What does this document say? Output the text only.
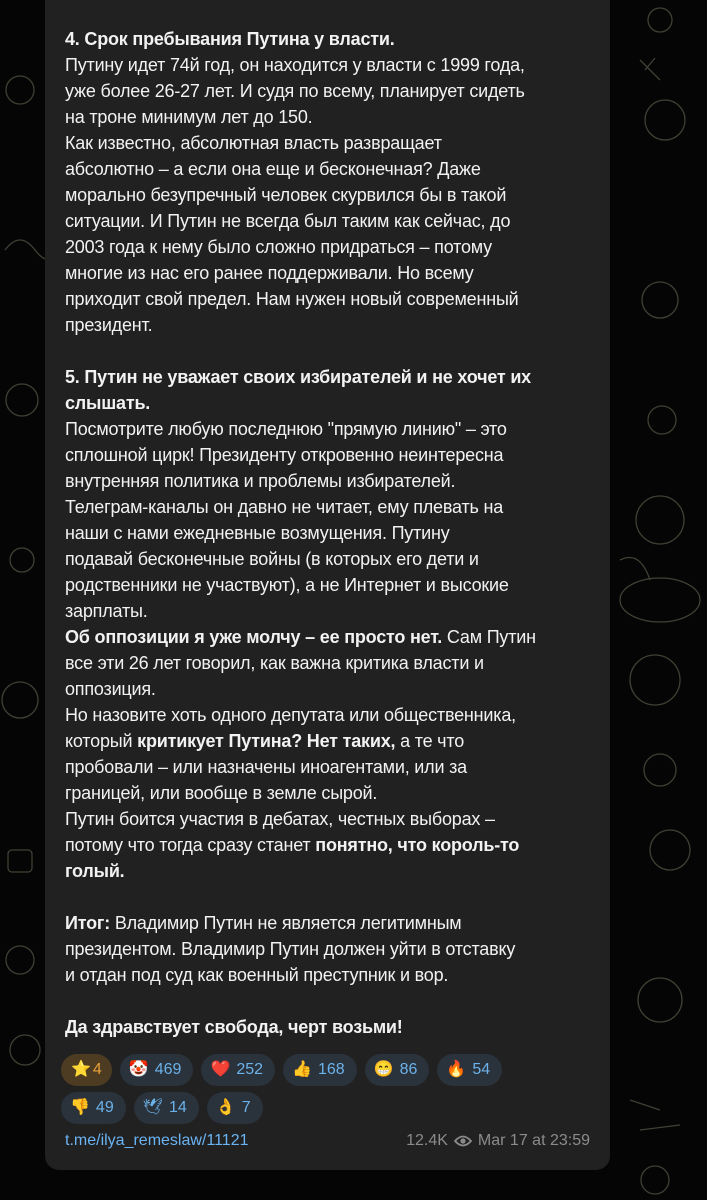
4. Срок пребывания Путина у власти.
Путину идет 74й год, он находится у власти с 1999 года,
уже более 26-27 лет. И судя по всему, планирует сидеть
на троне минимум лет до 150.
Как известно, абсолютная власть развращает
абсолютно – а если она еще и бесконечная? Даже
морально безупречный человек скурвился бы в такой
ситуации. И Путин не всегда был таким как сейчас, до
2003 года к нему было сложно придраться – потому
многие из нас его ранее поддерживали. Но всему
приходит свой предел. Нам нужен новый современный
президент.
5. Путин не уважает своих избирателей и не хочет их
слышать.
Посмотрите любую последнюю "прямую линию" – это
сплошной цирк! Президенту откровенно неинтересна
внутренняя политика и проблемы избирателей.
Телеграм-каналы он давно не читает, ему плевать на
наши с нами ежедневные возмущения. Путину
подавай бесконечные войны (в которых его дети и
родственники не участвуют), а не Интернет и высокие
зарплаты.
Об оппозиции я уже молчу – ее просто нет. Сам Путин
все эти 26 лет говорил, как важна критика власти и
оппозиция.
Но назовите хоть одного депутата или общественника,
который критикует Путина? Нет таких, а те что
пробовали – или назначены иноагентами, или за
границей, или вообще в земле сырой.
Путин боится участия в дебатах, честных выборах –
потому что тогда сразу станет понятно, что король-то
голый.
Итог: Владимир Путин не является легитимным
президентом. Владимир Путин должен уйти в отставку
и отдан под суд как военный преступник и вор.
Да здравствует свобода, черт возьми!
⭐ 4 🤡 469 ❤️ 252 👍 168 😁 86 🔥 54
👎 49 🕊 14 👌 7
t.me/ilya_remeslaw/11121	12.4K Mar 17 at 23:59
